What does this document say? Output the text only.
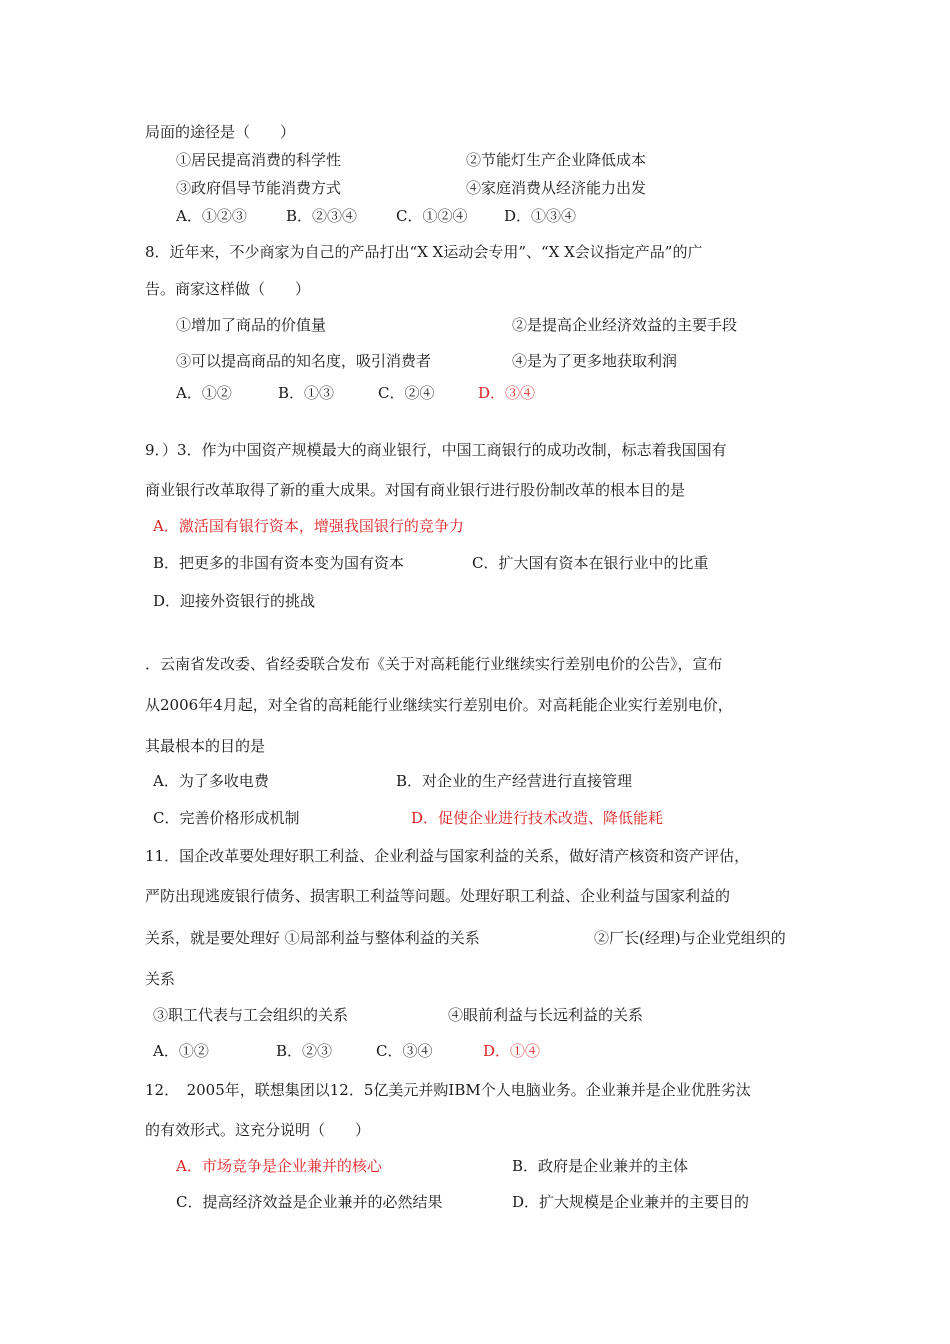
局面的途径是（　　）
①居民提高消费的科学性	②节能灯生产企业降低成本
③政府倡导节能消费方式	④家庭消费从经济能力出发
A．①②③	B．②③④	C．①②④ D．①③④
8．近年来，不少商家为自己的产品打出“X X运动会专用”、“X X会议指定产品”的广
告。商家这样做（　　）
①增加了商品的价值量	②是提高企业经济效益的主要手段
③可以提高商品的知名度，吸引消费者	④是为了更多地获取利润
A．①②	B．①③	C．②④	D．③④
9．）3．作为中国资产规模最大的商业银行，中国工商银行的成功改制，标志着我国国有
商业银行改革取得了新的重大成果。对国有商业银行进行股份制改革的根本目的是
A．激活国有银行资本，增强我国银行的竞争力
B．把更多的非国有资本变为国有资本	C．扩大国有资本在银行业中的比重
D．迎接外资银行的挑战
．云南省发改委、省经委联合发布《关于对高耗能行业继续实行差别电价的公告》，宣布
从2006年4月起，对全省的高耗能行业继续实行差别电价。对高耗能企业实行差别电价，
其最根本的目的是
A．为了多收电费	B．对企业的生产经营进行直接管理
C．完善价格形成机制	D．促使企业进行技术改造、降低能耗
11．国企改革要处理好职工利益、企业利益与国家利益的关系，做好清产核资和资产评估，
严防出现逃废银行债务、损害职工利益等问题。处理好职工利益、企业利益与国家利益的
关系，就是要处理好 ①局部利益与整体利益的关系	②厂长(经理)与企业党组织的
关系
③职工代表与工会组织的关系	④眼前利益与长远利益的关系
A．①②	B．②③	C．③④	D．①④
12．　2005年，联想集团以12．5亿美元并购IBM个人电脑业务。企业兼并是企业优胜劣汰
的有效形式。这充分说明（　　）
A．市场竞争是企业兼并的核心	B．政府是企业兼并的主体
C．提高经济效益是企业兼并的必然结果	D．扩大规模是企业兼并的主要目的
